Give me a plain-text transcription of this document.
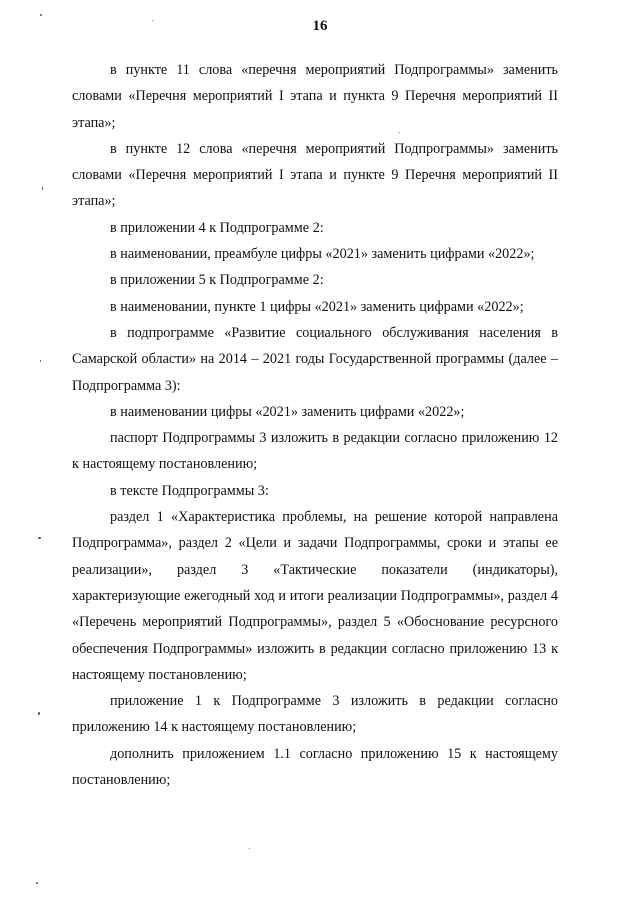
16

в пункте 11 слова «перечня мероприятий Подпрограммы» заменить словами «Перечня мероприятий I этапа и пункта 9 Перечня мероприятий II этапа»;

в пункте 12 слова «перечня мероприятий Подпрограммы» заменить словами «Перечня мероприятий I этапа и пункте 9 Перечня мероприятий II этапа»;

в приложении 4 к Подпрограмме 2:

в наименовании, преамбуле цифры «2021» заменить цифрами «2022»;

в приложении 5 к Подпрограмме 2:

в наименовании, пункте 1 цифры «2021» заменить цифрами «2022»;

в подпрограмме «Развитие социального обслуживания населения в Самарской области» на 2014 – 2021 годы Государственной программы (далее – Подпрограмма 3):

в наименовании цифры «2021» заменить цифрами «2022»;

паспорт Подпрограммы 3 изложить в редакции согласно приложению 12 к настоящему постановлению;

в тексте Подпрограммы 3:

раздел 1 «Характеристика проблемы, на решение которой направлена Подпрограмма», раздел 2 «Цели и задачи Подпрограммы, сроки и этапы ее реализации», раздел 3 «Тактические показатели (индикаторы), характеризующие ежегодный ход и итоги реализации Подпрограммы», раздел 4 «Перечень мероприятий Подпрограммы», раздел 5 «Обоснование ресурсного обеспечения Подпрограммы» изложить в редакции согласно приложению 13 к настоящему постановлению;

приложение 1 к Подпрограмме 3 изложить в редакции согласно приложению 14 к настоящему постановлению;

дополнить приложением 1.1 согласно приложению 15 к настоящему постановлению;
